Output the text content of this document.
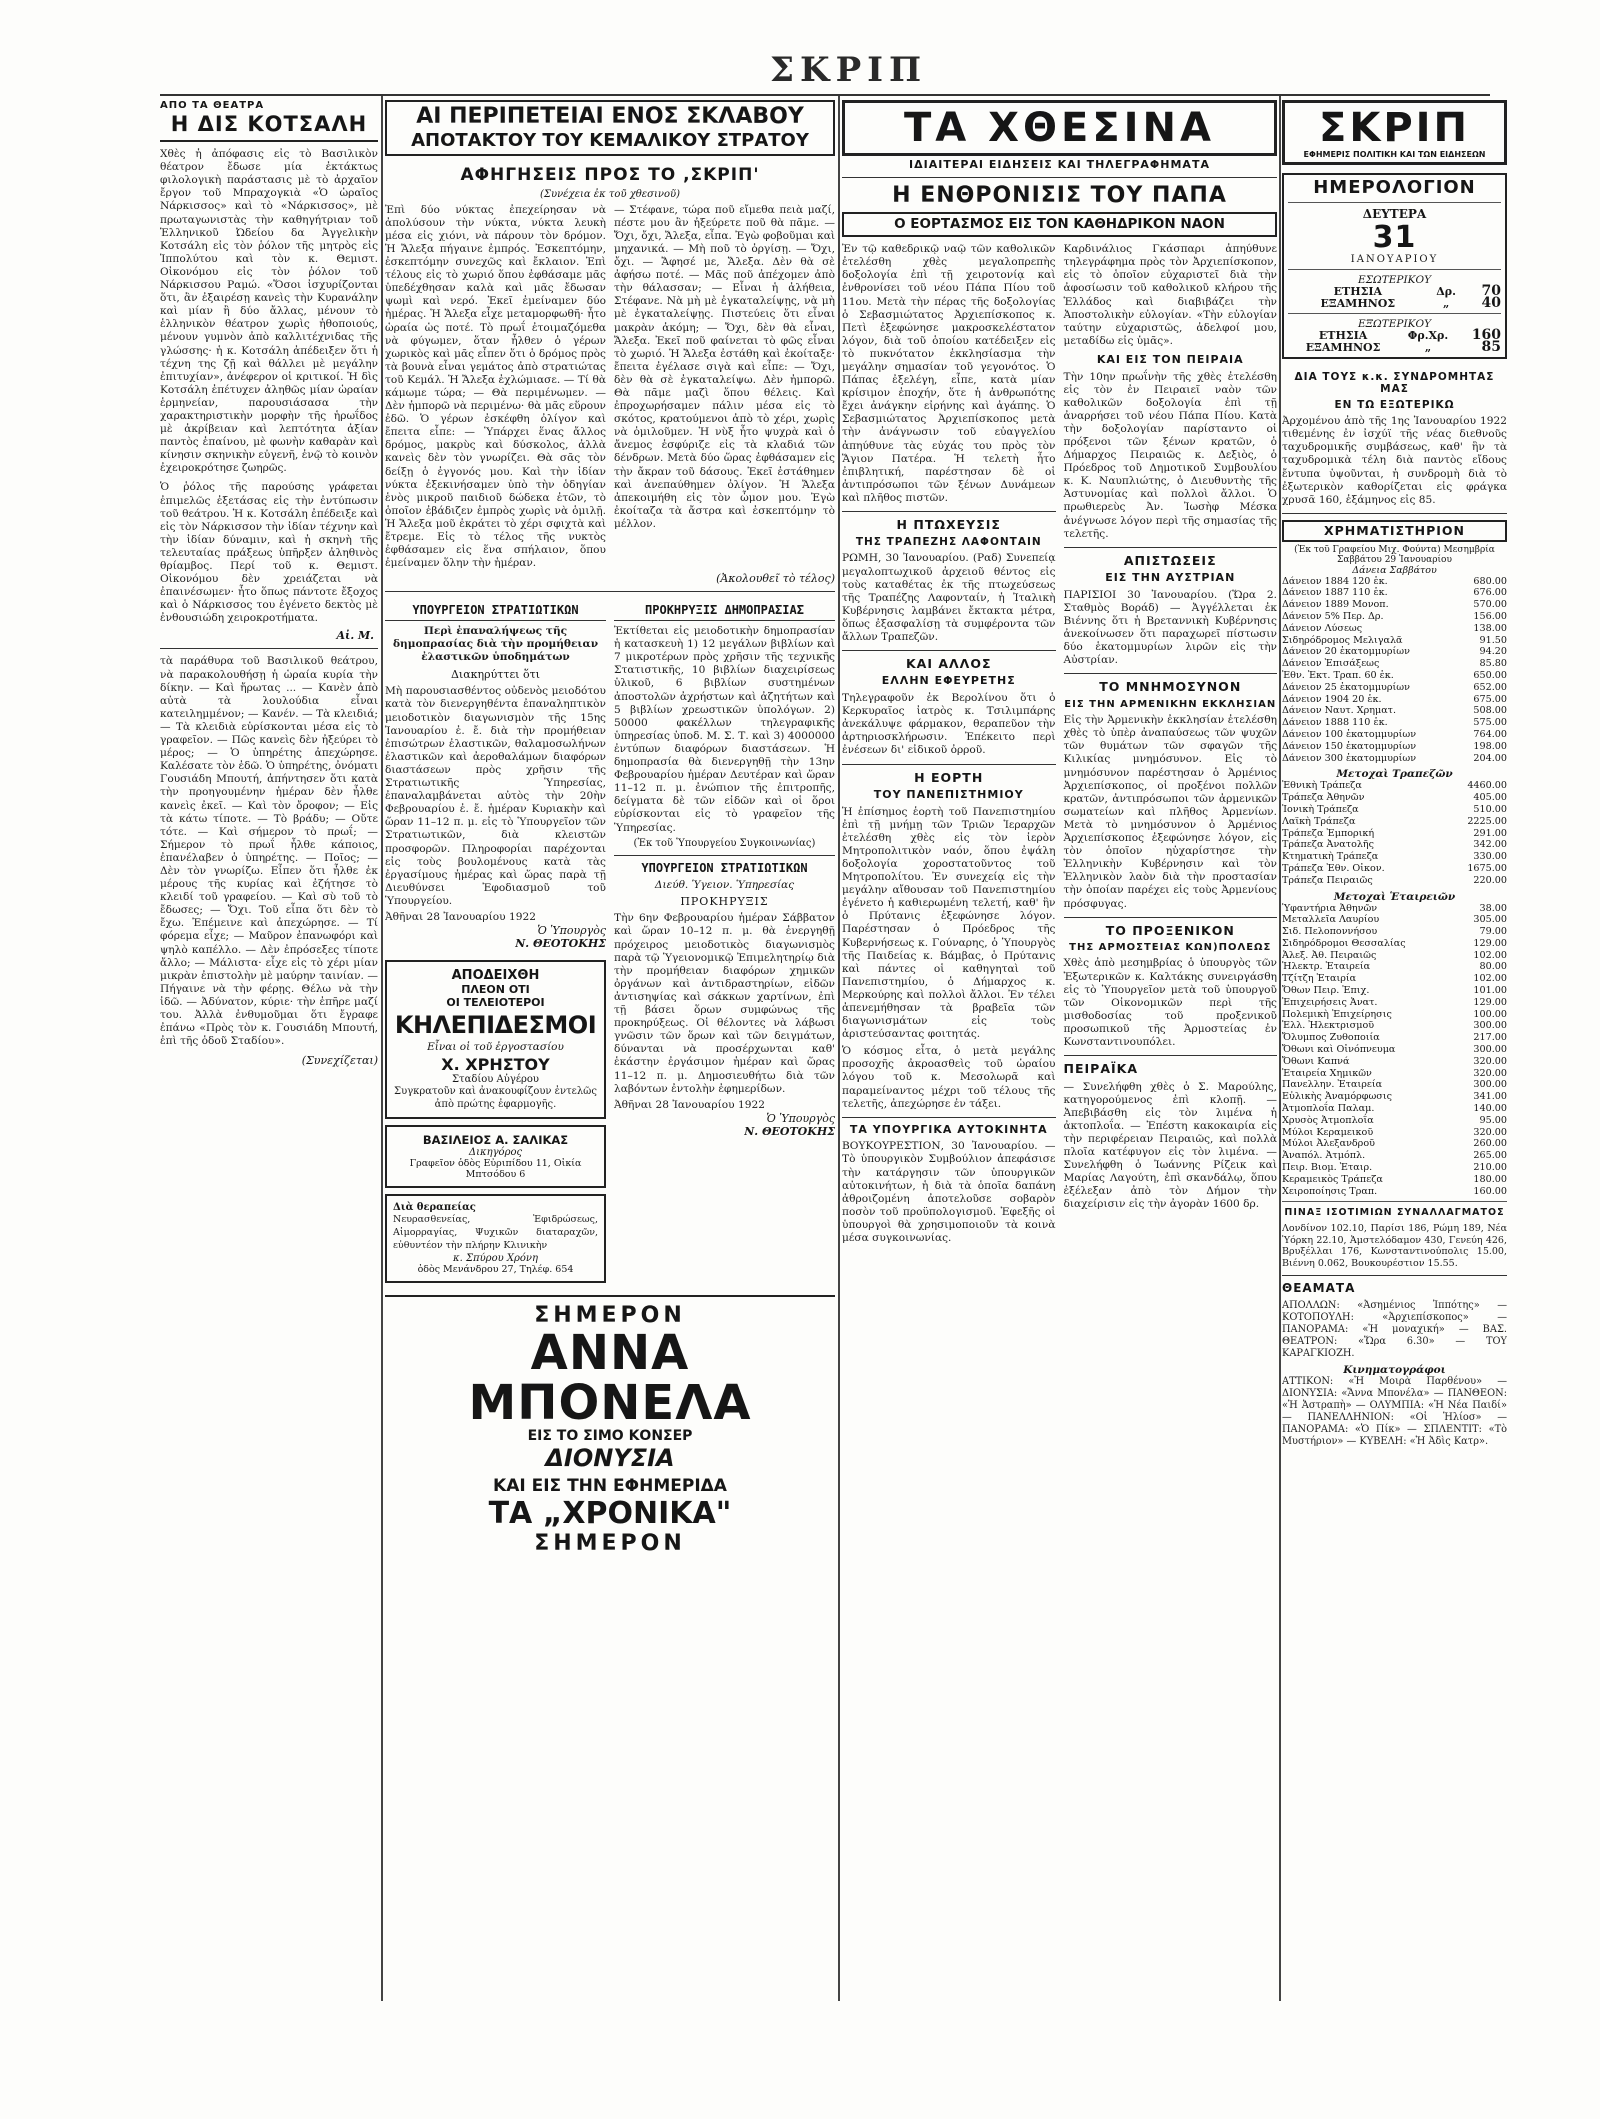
ΣΚΡΙΠ
ΑΠΟ ΤΑ ΘΕΑΤΡΑ
Η ΔΙΣ ΚΟΤΣΑΛΗ
Χθὲς ἡ ἀπόφασις εἰς τὸ Βασιλικὸν θέατρον ἔδωσε μία ἐκτάκτως φιλολογικὴ παράστασις μὲ τὸ ἀρχαῖον ἔργον τοῦ Μπραχογκιὰ «Ὁ ὡραῖος Νάρκισσος» καὶ τὸ «Νάρκισσος», μὲ πρωταγωνιστὰς τὴν καθηγήτριαν τοῦ Ἑλληνικοῦ Ὠδείου δα Ἀγγελικὴν Κοτσάλη εἰς τὸν ῥόλον τῆς μητρὸς εἰς Ἱππολύτου καὶ τὸν κ. Θεμιστ. Οἰκονόμου εἰς τὸν ῥόλον τοῦ Νάρκισσου Ραμώ. «Ὅσοι ἰσχυρίζονται ὅτι, ἂν ἐξαιρέσῃ κανεὶς τὴν Κυρανάλην καὶ μίαν ἢ δύο ἄλλας, μένουν τὸ ἑλληνικὸν θέατρον χωρὶς ἠθοποιούς, μένουν γυμνὸν ἀπὸ καλλιτέχνιδας τῆς γλώσσης· ἡ κ. Κοτσάλη ἀπέδειξεν ὅτι ἡ τέχνη της ζῇ καὶ θάλλει μὲ μεγάλην ἐπιτυχίαν», ἀνέφερον οἱ κριτικοί. Ἡ δὶς Κοτσάλη ἐπέτυχεν ἀληθῶς μίαν ὡραίαν ἑρμηνείαν, παρουσιάσασα τὴν χαρακτηριστικὴν μορφὴν τῆς ἡρωΐδος μὲ ἀκρίβειαν καὶ λεπτότητα ἀξίαν παντὸς ἐπαίνου, μὲ φωνὴν καθαρὰν καὶ κίνησιν σκηνικὴν εὐγενῆ, ἐνῷ τὸ κοινὸν ἐχειροκρότησε ζωηρῶς.
Ὁ ῥόλος τῆς παρούσης γράφεται ἐπιμελῶς ἐξετάσας εἰς τὴν ἐντύπωσιν τοῦ θεάτρου. Ἡ κ. Κοτσάλη ἐπέδειξε καὶ εἰς τὸν Νάρκισσον τὴν ἰδίαν τέχνην καὶ τὴν ἰδίαν δύναμιν, καὶ ἡ σκηνὴ τῆς τελευταίας πράξεως ὑπῆρξεν ἀληθινὸς θρίαμβος. Περί τοῦ κ. Θεμιστ. Οἰκονόμου δὲν χρειάζεται νὰ ἐπαινέσωμεν· ἦτο ὅπως πάντοτε ἔξοχος καὶ ὁ Νάρκισσος του ἐγένετο δεκτὸς μὲ ἐνθουσιώδη χειροκροτήματα.
Αἰ. Μ.
τὰ παράθυρα τοῦ Βασιλικοῦ θεάτρου, νὰ παρακολουθήσῃ ἡ ὡραία κυρία τὴν δίκην. — Καὶ ἤρωτας ... — Κανὲν ἀπὸ αὐτὰ τὰ λουλούδια εἶναι κατειλημμένον; — Κανέν. — Τὰ κλειδιά; — Τὰ κλειδιὰ εὑρίσκονται μέσα εἰς τὸ γραφεῖον. — Πῶς κανεὶς δὲν ἠξεύρει τὸ μέρος; — Ὁ ὑπηρέτης ἀπεχώρησε. Καλέσατε τὸν ἐδῶ. Ὁ ὑπηρέτης, ὀνόματι Γουσιάδη Μπουτή, ἀπήντησεν ὅτι κατὰ τὴν προηγουμένην ἡμέραν δὲν ἦλθε κανεὶς ἐκεῖ. — Καὶ τὸν ὄροφον; — Εἰς τὰ κάτω τίποτε. — Τὸ βράδυ; — Οὔτε τότε. — Καὶ σήμερον τὸ πρωΐ; — Σήμερον τὸ πρωΐ ἦλθε κάποιος, ἐπανέλαβεν ὁ ὑπηρέτης. — Ποῖος; — Δὲν τὸν γνωρίζω. Εἶπεν ὅτι ἦλθε ἐκ μέρους τῆς κυρίας καὶ ἐζήτησε τὸ κλειδί τοῦ γραφείου. — Καὶ σὺ τοῦ τὸ ἔδωσες; — Ὄχι. Τοῦ εἶπα ὅτι δὲν τὸ ἔχω. Ἐπέμεινε καὶ ἀπεχώρησε. — Τί φόρεμα εἶχε; — Μαῦρον ἐπανωφόρι καὶ ψηλὸ καπέλλο. — Δὲν ἐπρόσεξες τίποτε ἄλλο; — Μάλιστα· εἶχε εἰς τὸ χέρι μίαν μικρὰν ἐπιστολὴν μὲ μαύρην ταινίαν. — Πήγαινε νὰ τὴν φέρῃς. Θέλω νὰ τὴν ἰδῶ. — Ἀδύνατον, κύριε· τὴν ἐπῆρε μαζί του. Ἀλλὰ ἐνθυμοῦμαι ὅτι ἔγραφε ἐπάνω «Πρὸς τὸν κ. Γουσιάδη Μπουτή, ἐπὶ τῆς ὁδοῦ Σταδίου».
(Συνεχίζεται)
ΑΙ ΠΕΡΙΠΕΤΕΙΑΙ ΕΝΟΣ ΣΚΛΑΒΟΥ
ΑΠΟΤΑΚΤΟΥ ΤΟΥ ΚΕΜΑΛΙΚΟΥ ΣΤΡΑΤΟΥ
ΑΦΗΓΗΣΕΙΣ ΠΡΟΣ ΤΟ ,ΣΚΡΙΠ'
(Συνέχεια ἐκ τοῦ χθεσινοῦ)
Ἐπὶ δύο νύκτας ἐπεχείρησαν νὰ ἀπολύσουν τὴν νύκτα, νύκτα λευκὴ μέσα εἰς χιόνι, νὰ πάρουν τὸν δρόμον. Ἡ Ἄλεξα πήγαινε ἐμπρός. Ἐσκεπτόμην, ἐσκεπτόμην συνεχῶς καὶ ἔκλαιον. Ἐπὶ τέλους εἰς τὸ χωριό ὅπου ἐφθάσαμε μᾶς ὑπεδέχθησαν καλὰ καὶ μᾶς ἔδωσαν ψωμὶ καὶ νερό. Ἐκεῖ ἐμείναμεν δύο ἡμέρας. Ἡ Ἄλεξα εἶχε μεταμορφωθῆ· ἦτο ὡραία ὡς ποτέ. Τὸ πρωΐ ἐτοιμαζόμεθα νὰ φύγωμεν, ὅταν ἦλθεν ὁ γέρων χωρικὸς καὶ μᾶς εἶπεν ὅτι ὁ δρόμος πρὸς τὰ βουνὰ εἶναι γεμάτος ἀπὸ στρατιώτας τοῦ Κεμάλ. Ἡ Ἄλεξα ἐχλώμιασε. — Τί θὰ κάμωμε τώρα; — Θὰ περιμένωμεν. — Δὲν ἠμπορῶ νὰ περιμένω· θὰ μᾶς εὕρουν ἐδῶ. Ὁ γέρων ἐσκέφθη ὀλίγον καὶ ἔπειτα εἶπε: — Ὑπάρχει ἕνας ἄλλος δρόμος, μακρὺς καὶ δύσκολος, ἀλλὰ κανεὶς δὲν τὸν γνωρίζει. Θὰ σᾶς τὸν δείξῃ ὁ ἐγγονός μου. Καὶ τὴν ἰδίαν νύκτα ἐξεκινήσαμεν ὑπὸ τὴν ὁδηγίαν ἑνὸς μικροῦ παιδιοῦ δώδεκα ἐτῶν, τὸ ὁποῖον ἐβάδιζεν ἐμπρὸς χωρὶς νὰ ὁμιλῇ. Ἡ Ἄλεξα μοῦ ἐκράτει τὸ χέρι σφιχτὰ καὶ ἔτρεμε. Εἰς τὸ τέλος τῆς νυκτὸς ἐφθάσαμεν εἰς ἕνα σπήλαιον, ὅπου ἐμείναμεν ὅλην τὴν ἡμέραν.
— Στέφανε, τώρα ποῦ εἴμεθα πειὰ μαζί, πέστε μου ἂν ἠξεύρετε ποῦ θὰ πᾶμε. — Ὄχι, ὄχι, Ἄλεξα, εἶπα. Ἐγὼ φοβοῦμαι καὶ μηχανικά. — Μὴ ποῦ τὸ ὀργίσῃ. — Ὄχι, ὄχι. — Ἄφησέ με, Ἄλεξα. Δὲν θὰ σὲ ἀφήσω ποτέ. — Μᾶς ποῦ ἀπέχομεν ἀπὸ τὴν θάλασσαν; — Εἶναι ἡ ἀλήθεια, Στέφανε. Νὰ μὴ μὲ ἐγκαταλείψῃς, νὰ μὴ μὲ ἐγκαταλείψῃς. Πιστεύεις ὅτι εἶναι μακρὰν ἀκόμη; — Ὄχι, δὲν θὰ εἶναι, Ἄλεξα. Ἐκεῖ ποῦ φαίνεται τὸ φῶς εἶναι τὸ χωριό. Ἡ Ἄλεξα ἐστάθη καὶ ἐκοίταξε· ἔπειτα ἐγέλασε σιγὰ καὶ εἶπε: — Ὄχι, δὲν θὰ σὲ ἐγκαταλείψω. Δὲν ἠμπορῶ. Θὰ πᾶμε μαζὶ ὅπου θέλεις. Καὶ ἐπροχωρήσαμεν πάλιν μέσα εἰς τὸ σκότος, κρατούμενοι ἀπὸ τὸ χέρι, χωρὶς νὰ ὁμιλοῦμεν. Ἡ νὺξ ἦτο ψυχρὰ καὶ ὁ ἄνεμος ἐσφύριζε εἰς τὰ κλαδιά τῶν δένδρων. Μετὰ δύο ὥρας ἐφθάσαμεν εἰς τὴν ἄκραν τοῦ δάσους. Ἐκεῖ ἐστάθημεν καὶ ἀνεπαύθημεν ὀλίγον. Ἡ Ἄλεξα ἀπεκοιμήθη εἰς τὸν ὦμον μου. Ἐγὼ ἐκοίταζα τὰ ἄστρα καὶ ἐσκεπτόμην τὸ μέλλον.
(Ἀκολουθεῖ τὸ τέλος)
ΥΠΟΥΡΓΕΙΟΝ ΣΤΡΑΤΙΩΤΙΚΩΝ
Περὶ ἐπαναλήψεως τῆς δημοπρασίας διὰ τὴν προμήθειαν ἐλαστικῶν ὑποδημάτων
Διακηρύττει ὅτι
Μὴ παρουσιασθέντος οὐδενὸς μειοδότου κατὰ τὸν διενεργηθέντα ἐπαναληπτικὸν μειοδοτικὸν διαγωνισμὸν τῆς 15ης Ἰανουαρίου ἐ. ἔ. διὰ τὴν προμήθειαν ἐπισώτρων ἐλαστικῶν, θαλαμοσωλήνων ἐλαστικῶν καὶ ἀεροθαλάμων διαφόρων διαστάσεων πρὸς χρῆσιν τῆς Στρατιωτικῆς Ὑπηρεσίας, ἐπαναλαμβάνεται αὐτὸς τὴν 20ὴν Φεβρουαρίου ἐ. ἔ. ἡμέραν Κυριακὴν καὶ ὥραν 11–12 π. μ. εἰς τὸ Ὑπουργεῖον τῶν Στρατιωτικῶν, διὰ κλειστῶν προσφορῶν. Πληροφορίαι παρέχονται εἰς τοὺς βουλομένους κατὰ τὰς ἐργασίμους ἡμέρας καὶ ὥρας παρὰ τῇ Διευθύνσει Ἐφοδιασμοῦ τοῦ Ὑπουργείου.
Ἀθῆναι 28 Ἰανουαρίου 1922
Ὁ Ὑπουργὸς
Ν. ΘΕΟΤΟΚΗΣ
ΑΠΟΔΕΙΧΘΗ
ΠΛΕΟΝ ΟΤΙ
ΟΙ ΤΕΛΕΙΟΤΕΡΟΙ
ΚΗΛΕΠΙΔΕΣΜΟΙ
Εἶναι οἱ τοῦ ἐργοστασίου
Χ. ΧΡΗΣΤΟΥ
Σταδίου Αὐγέρου
Συγκρατοῦν καὶ ἀνακουφίζουν ἐντελῶς ἀπὸ πρώτης ἐφαρμογῆς.
ΒΑΣΙΛΕΙΟΣ Α. ΣΑΛΙΚΑΣ
Δικηγόρος
Γραφεῖον ὁδὸς Εὐριπίδου 11, Οἰκία Μπτσόδου 6
Διὰ θεραπείας
Νευρασθενείας, Ἐφιδρώσεως, Αἱμορραγίας, Ψυχικῶν διαταραχῶν, εὐθυντέον τὴν πλήρην Κλινικὴν
κ. Σπύρου Χρόνη
ὁδὸς Μενάνδρου 27, Τηλέφ. 654
ΠΡΟΚΗΡΥΞΙΣ ΔΗΜΟΠΡΑΣΙΑΣ
Ἐκτίθεται εἰς μειοδοτικὴν δημοπρασίαν ἡ κατασκευὴ 1) 12 μεγάλων βιβλίων καὶ 7 μικροτέρων πρὸς χρῆσιν τῆς τεχνικῆς Στατιστικῆς, 10 βιβλίων διαχειρίσεως ὑλικοῦ, 6 βιβλίων συστημένων ἀποστολῶν ἀχρήστων καὶ ἀζητήτων καὶ 5 βιβλίων χρεωστικῶν ὑπολόγων. 2) 50000 φακέλλων τηλεγραφικῆς ὑπηρεσίας ὑποδ. Μ. Σ. Τ. καὶ 3) 4000000 ἐντύπων διαφόρων διαστάσεων. Ἡ δημοπρασία θὰ διενεργηθῇ τὴν 13ην Φεβρουαρίου ἡμέραν Δευτέραν καὶ ὥραν 11–12 π. μ. ἐνώπιον τῆς ἐπιτροπῆς, δείγματα δὲ τῶν εἰδῶν καὶ οἱ ὅροι εὑρίσκονται εἰς τὸ γραφεῖον τῆς Ὑπηρεσίας.
(Ἐκ τοῦ Ὑπουργείου Συγκοινωνίας)
ΥΠΟΥΡΓΕΙΟΝ ΣΤΡΑΤΙΩΤΙΚΩΝ
Διεύθ. Ὑγειον. Ὑπηρεσίας
ΠΡΟΚΗΡΥΞΙΣ
Τὴν 6ην Φεβρουαρίου ἡμέραν Σάββατον καὶ ὥραν 10–12 π. μ. θὰ ἐνεργηθῇ πρόχειρος μειοδοτικὸς διαγωνισμὸς παρὰ τῷ Ὑγειονομικῷ Ἐπιμελητηρίῳ διὰ τὴν προμήθειαν διαφόρων χημικῶν ὀργάνων καὶ ἀντιδραστηρίων, εἰδῶν ἀντισηψίας καὶ σάκκων χαρτίνων, ἐπὶ τῇ βάσει ὅρων συμφώνως τῆς προκηρύξεως. Οἱ θέλοντες νὰ λάβωσι γνῶσιν τῶν ὅρων καὶ τῶν δειγμάτων, δύνανται νὰ προσέρχωνται καθ' ἑκάστην ἐργάσιμον ἡμέραν καὶ ὥρας 11–12 π. μ. Δημοσιευθήτω διὰ τῶν λαβόντων ἐντολὴν ἐφημερίδων.
Ἀθῆναι 28 Ἰανουαρίου 1922
Ὁ Ὑπουργὸς
Ν. ΘΕΟΤΟΚΗΣ
ΣΗΜΕΡΟΝ
ΑΝΝΑ ΜΠΟΝΕΛΑ
ΕΙΣ ΤΟ ΣΙΜΟ ΚΟΝΣΕΡ
ΔΙΟΝΥΣΙΑ
ΚΑΙ ΕΙΣ ΤΗΝ ΕΦΗΜΕΡΙΔΑ
ΤΑ „ΧΡΟΝΙΚΑ"
ΣΗΜΕΡΟΝ
ΤΑ ΧΘΕΣΙΝΑ
ΙΔΙΑΙΤΕΡΑΙ ΕΙΔΗΣΕΙΣ ΚΑΙ ΤΗΛΕΓΡΑΦΗΜΑΤΑ
Η ΕΝΘΡΟΝΙΣΙΣ ΤΟΥ ΠΑΠΑ
Ο ΕΟΡΤΑΣΜΟΣ ΕΙΣ ΤΟΝ ΚΑΘΗΔΡΙΚΟΝ ΝΑΟΝ
Ἐν τῷ καθεδρικῷ ναῷ τῶν καθολικῶν ἐτελέσθη χθὲς μεγαλοπρεπὴς δοξολογία ἐπὶ τῇ χειροτονίᾳ καὶ ἐνθρονίσει τοῦ νέου Πάπα Πίου τοῦ 11ου. Μετὰ τὴν πέρας τῆς δοξολογίας ὁ Σεβασμιώτατος Ἀρχιεπίσκοπος κ. Πετὶ ἐξεφώνησε μακροσκελέστατον λόγον, διὰ τοῦ ὁποίου κατέδειξεν εἰς τὸ πυκνότατον ἐκκλησίασμα τὴν μεγάλην σημασίαν τοῦ γεγονότος. Ὁ Πάπας ἐξελέγη, εἶπε, κατὰ μίαν κρίσιμον ἐποχήν, ὅτε ἡ ἀνθρωπότης ἔχει ἀνάγκην εἰρήνης καὶ ἀγάπης. Ὁ Σεβασμιώτατος Ἀρχιεπίσκοπος μετὰ τὴν ἀνάγνωσιν τοῦ εὐαγγελίου ἀπηύθυνε τὰς εὐχάς του πρὸς τὸν Ἅγιον Πατέρα. Ἡ τελετὴ ἦτο ἐπιβλητική, παρέστησαν δὲ οἱ ἀντιπρόσωποι τῶν ξένων Δυνάμεων καὶ πλῆθος πιστῶν.
Η ΠΤΩΧΕΥΣΙΣ
ΤΗΣ ΤΡΑΠΕΖΗΣ ΛΑΦΟΝΤΑΙΝ
ΡΩΜΗ, 30 Ἰανουαρίου. (Ραδ) Συνεπείᾳ μεγαλοπτωχικοῦ ἀρχειοῦ θέντος εἰς τοὺς καταθέτας ἐκ τῆς πτωχεύσεως τῆς Τραπέζης Λαφονταίν, ἡ Ἰταλικὴ Κυβέρνησις λαμβάνει ἔκτακτα μέτρα, ὅπως ἐξασφαλίσῃ τὰ συμφέροντα τῶν ἄλλων Τραπεζῶν.
ΚΑΙ ΑΛΛΟΣ
ΕΛΛΗΝ ΕΦΕΥΡΕΤΗΣ
Τηλεγραφοῦν ἐκ Βερολίνου ὅτι ὁ Κερκυραῖος ἰατρὸς κ. Τσιλιμπάρης ἀνεκάλυψε φάρμακον, θεραπεῦον τὴν ἀρτηριοσκλήρωσιν. Ἐπέκειτο περὶ ἐνέσεων δι' εἰδικοῦ ὀρροῦ.
Η ΕΟΡΤΗ
ΤΟΥ ΠΑΝΕΠΙΣΤΗΜΙΟΥ
Ἡ ἐπίσημος ἑορτὴ τοῦ Πανεπιστημίου ἐπὶ τῇ μνήμῃ τῶν Τριῶν Ἱεραρχῶν ἐτελέσθη χθὲς εἰς τὸν ἱερὸν Μητροπολιτικὸν ναόν, ὅπου ἐψάλη δοξολογία χοροστατοῦντος τοῦ Μητροπολίτου. Ἐν συνεχείᾳ εἰς τὴν μεγάλην αἴθουσαν τοῦ Πανεπιστημίου ἐγένετο ἡ καθιερωμένη τελετή, καθ' ἣν ὁ Πρύτανις ἐξεφώνησε λόγον. Παρέστησαν ὁ Πρόεδρος τῆς Κυβερνήσεως κ. Γούναρης, ὁ Ὑπουργὸς τῆς Παιδείας κ. Βάμβας, ὁ Πρύτανις καὶ πάντες οἱ καθηγηταὶ τοῦ Πανεπιστημίου, ὁ Δήμαρχος κ. Μερκούρης καὶ πολλοὶ ἄλλοι. Ἐν τέλει ἀπενεμήθησαν τὰ βραβεῖα τῶν διαγωνισμάτων εἰς τοὺς ἀριστεύσαντας φοιτητάς.
Ὁ κόσμος εἶτα, ὁ μετὰ μεγάλης προσοχῆς ἀκροασθεὶς τοῦ ὡραίου λόγου τοῦ κ. Μεσολωρᾶ καὶ παραμείναντος μέχρι τοῦ τέλους τῆς τελετῆς, ἀπεχώρησε ἐν τάξει.
ΤΑ ΥΠΟΥΡΓΙΚΑ ΑΥΤΟΚΙΝΗΤΑ
ΒΟΥΚΟΥΡΕΣΤΙΟΝ, 30 Ἰανουαρίου. — Τὸ ὑπουργικὸν Συμβούλιον ἀπεφάσισε τὴν κατάργησιν τῶν ὑπουργικῶν αὐτοκινήτων, ἡ διὰ τὰ ὁποῖα δαπάνη ἀθροιζομένη ἀποτελοῦσε σοβαρὸν ποσὸν τοῦ προϋπολογισμοῦ. Ἐφεξῆς οἱ ὑπουργοὶ θὰ χρησιμοποιοῦν τὰ κοινὰ μέσα συγκοινωνίας.
Καρδινάλιος Γκάσπαρι ἀπηύθυνε τηλεγράφημα πρὸς τὸν Ἀρχιεπίσκοπον, εἰς τὸ ὁποῖον εὐχαριστεῖ διὰ τὴν ἀφοσίωσιν τοῦ καθολικοῦ κλήρου τῆς Ἑλλάδος καὶ διαβιβάζει τὴν Ἀποστολικὴν εὐλογίαν. «Τὴν εὐλογίαν ταύτην εὑχαριστῶς, ἀδελφοί μου, μεταδίδω εἰς ὑμᾶς».
ΚΑΙ ΕΙΣ ΤΟΝ ΠΕΙΡΑΙΑ
Τὴν 10ην πρωΐνὴν τῆς χθὲς ἐτελέσθη εἰς τὸν ἐν Πειραιεῖ ναὸν τῶν καθολικῶν δοξολογία ἐπὶ τῇ ἀναρρήσει τοῦ νέου Πάπα Πίου. Κατὰ τὴν δοξολογίαν παρίσταντο οἱ πρόξενοι τῶν ξένων κρατῶν, ὁ Δήμαρχος Πειραιῶς κ. Δεξιὸς, ὁ Πρόεδρος τοῦ Δημοτικοῦ Συμβουλίου κ. Κ. Ναυπλιώτης, ὁ Διευθυντὴς τῆς Ἀστυνομίας καὶ πολλοὶ ἄλλοι. Ὁ πρωθιερεὺς Ἀν. Ἰωσὴφ Μέσκα ἀνέγνωσε λόγον περὶ τῆς σημασίας τῆς τελετῆς.
ΑΠΙΣΤΩΣΕΙΣ
ΕΙΣ ΤΗΝ ΑΥΣΤΡΙΑΝ
ΠΑΡΙΣΙΟΙ 30 Ἰανουαρίου. (Ὥρα 2. Σταθμὸς Βοράδ) — Ἀγγέλλεται ἐκ Βιέννης ὅτι ἡ Βρεταννικὴ Κυβέρνησις ἀνεκοίνωσεν ὅτι παραχωρεῖ πίστωσιν δύο ἑκατομμυρίων λιρῶν εἰς τὴν Αὐστρίαν.
ΤΟ ΜΝΗΜΟΣΥΝΟΝ
ΕΙΣ ΤΗΝ ΑΡΜΕΝΙΚΗΝ ΕΚΚΛΗΣΙΑΝ
Εἰς τὴν Ἀρμενικὴν ἐκκλησίαν ἐτελέσθη χθὲς τὸ ὑπὲρ ἀναπαύσεως τῶν ψυχῶν τῶν θυμάτων τῶν σφαγῶν τῆς Κιλικίας μνημόσυνον. Εἰς τὸ μνημόσυνον παρέστησαν ὁ Ἀρμένιος Ἀρχιεπίσκοπος, οἱ προξένοι πολλῶν κρατῶν, ἀντιπρόσωποι τῶν ἀρμενικῶν σωματείων καὶ πλῆθος Ἀρμενίων. Μετὰ τὸ μνημόσυνον ὁ Ἀρμένιος Ἀρχιεπίσκοπος ἐξεφώνησε λόγον, εἰς τὸν ὁποῖον ηὐχαρίστησε τὴν Ἑλληνικὴν Κυβέρνησιν καὶ τὸν Ἑλληνικὸν λαὸν διὰ τὴν προστασίαν τὴν ὁποίαν παρέχει εἰς τοὺς Ἀρμενίους πρόσφυγας.
ΤΟ ΠΡΟΞΕΝΙΚΟΝ
ΤΗΣ ΑΡΜΟΣΤΕΙΑΣ ΚΩΝ)ΠΟΛΕΩΣ
Χθὲς ἀπὸ μεσημβρίας ὁ ὑπουργὸς τῶν Ἐξωτερικῶν κ. Καλτάκης συνειργάσθη εἰς τὸ Ὑπουργεῖον μετὰ τοῦ ὑπουργοῦ τῶν Οἰκονομικῶν περὶ τῆς μισθοδοσίας τοῦ προξενικοῦ προσωπικοῦ τῆς Ἀρμοστείας ἐν Κωνσταντινουπόλει.
ΠΕΙΡΑΪΚΑ
— Συνελήφθη χθὲς ὁ Σ. Μαρούλης, κατηγορούμενος ἐπὶ κλοπῇ. — Ἀπεβιβάσθη εἰς τὸν λιμένα ἡ ἀκτοπλοΐα. — Ἐπέστη κακοκαιρία εἰς τὴν περιφέρειαν Πειραιῶς, καὶ πολλὰ πλοῖα κατέφυγον εἰς τὸν λιμένα. — Συνελήφθη ὁ Ἰωάννης Ρίζεικ καὶ Μαρίας Λαγούτη, ἐπὶ σκανδάλῳ, ὅπου ἐξέλεξαν ἀπὸ τὸν Δήμον τὴν διαχείρισιν εἰς τὴν ἀγορὰν 1600 δρ.
ΣΚΡΙΠ
ΕΦΗΜΕΡΙΣ ΠΟΛΙΤΙΚΗ ΚΑΙ ΤΩΝ ΕΙΔΗΣΕΩΝ
ΗΜΕΡΟΛΟΓΙΟΝ
ΔΕΥΤΕΡΑ
31
ΙΑΝΟΥΑΡΙΟΥ
ΕΣΩΤΕΡΙΚΟΥ
ΕΤΗΣΙΑ	Δρ.	70
ΕΞΑΜΗΝΟΣ	„	40
ΕΞΩΤΕΡΙΚΟΥ
ΕΤΗΣΙΑ	Φρ.Χρ.	160
ΕΞΑΜΗΝΟΣ	„	85
ΔΙΑ ΤΟΥΣ κ.κ. ΣΥΝΔΡΟΜΗΤΑΣ ΜΑΣ
ΕΝ ΤΩ ΕΞΩΤΕΡΙΚΩ
Ἀρχομένου ἀπὸ τῆς 1ης Ἰανουαρίου 1922 τιθεμένης ἐν ἰσχύϊ τῆς νέας διεθνοῦς ταχυδρομικῆς συμβάσεως, καθ' ἣν τὰ ταχυδρομικὰ τέλη διὰ παντὸς εἴδους ἔντυπα ὑψοῦνται, ἡ συνδρομὴ διὰ τὸ ἐξωτερικὸν καθορίζεται εἰς φράγκα χρυσᾶ 160, ἐξάμηνος εἰς 85.
ΧΡΗΜΑΤΙΣΤΗΡΙΟΝ
(Ἐκ τοῦ Γραφείου Μιχ. Φούντα) Μεσημβρία Σαββάτου 29 Ἰανουαρίου
Δάνεια Σαββάτου
Δάνειον 1884 120 ἑκ.	680.00
Δάνειον 1887 110 ἑκ.	676.00
Δάνειον 1889 Μονοπ.	570.00
Δάνειον 5% Περ. Δρ.	156.00
Δάνειον Λύσεως	138.00
Σιδηρόδρομος Μελιγαλᾶ	91.50
Δάνειον 20 ἑκατομμυρίων	94.20
Δάνειον Ἐπισάξεως	85.80
Ἐθν. Ἐκτ. Τραπ. 60 ἑκ.	650.00
Δάνειον 25 ἑκατομμυρίων	652.00
Δάνειον 1904 20 ἑκ.	675.00
Δάνειον Ναυτ. Χρηματ.	508.00
Δάνειον 1888 110 ἑκ.	575.00
Δάνειον 100 ἑκατομμυρίων	764.00
Δάνειον 150 ἑκατομμυρίων	198.00
Δάνειον 300 ἑκατομμυρίων	204.00
Μετοχαὶ Τραπεζῶν
Ἐθνικὴ Τράπεζα	4460.00
Τράπεζα Ἀθηνῶν	405.00
Ἰονικὴ Τράπεζα	510.00
Λαϊκὴ Τράπεζα	2225.00
Τράπεζα Ἐμπορική	291.00
Τράπεζα Ἀνατολῆς	342.00
Κτηματικὴ Τράπεζα	330.00
Τράπεζα Ἐθν. Οἰκον.	1675.00
Τράπεζα Πειραιῶς	220.00
Μετοχαὶ Ἑταιρειῶν
Ὑφαντήρια Ἀθηνῶν	38.00
Μεταλλεῖα Λαυρίου	305.00
Σιδ. Πελοποννήσου	79.00
Σιδηρόδρομοι Θεσσαλίας	129.00
Ἀλεξ. Ἀθ. Πειραιῶς	102.00
Ἡλεκτρ. Ἑταιρεία	80.00
Τζίτζη Ἑταιρία	102.00
Ὄθων Πειρ. Ἐπιχ.	101.00
Ἐπιχειρήσεις Ἀνατ.	129.00
Πολεμικὴ Ἐπιχείρησις	100.00
Ἑλλ. Ἠλεκτρισμοῦ	300.00
Ὄλυμπος Ζυθοποιία	217.00
Ὄθωνι καὶ Οἰνόπνευμα	300.00
Ὄθωνι Καπνά	320.00
Ἐταιρεία Χημικῶν	320.00
Πανελλην. Ἐταιρεία	300.00
Εὐλικὴς Ἀναμόρφωσις	341.00
Ἀτμοπλοΐα Παλαμ.	140.00
Χρυσὸς Ἀτμοπλοΐα	95.00
Μύλοι Κεραμεικοῦ	320.00
Μύλοι Ἀλεξανδροῦ	260.00
Ἀναπόλ. Ἀτμόπλ.	265.00
Πειρ. Βιομ. Ἐταιρ.	210.00
Κεραμεικὸς Τράπεζα	180.00
Χειροποίησις Τραπ.	160.00
ΠΙΝΑΞ ΙΣΟΤΙΜΙΩΝ ΣΥΝΑΛΛΑΓΜΑΤΟΣ
Λονδίνον 102.10, Παρίσι 186, Ρώμη 189, Νέα Ὑόρκη 22.10, Ἀμστελόδαμον 430, Γενεύη 426, Βρυξέλλαι 176, Κωνσταντινούπολις 15.00, Βιέννη 0.062, Βουκουρέστιον 15.55.
ΘΕΑΜΑΤΑ
ΑΠΟΛΛΩΝ: «Ἀσημένιος Ἰππότης» — ΚΟΤΟΠΟΥΛΗ: «Ἀρχιεπίσκοπος» — ΠΑΝΟΡΑΜΑ: «Ἡ μοναχική» — ΒΑΣ. ΘΕΑΤΡΟΝ: «Ὥρα 6.30» — ΤΟΥ ΚΑΡΑΓΚΙΟΖΗ.
Κινηματογράφοι
ΑΤΤΙΚΟΝ: «Ἡ Μοιρὰ Παρθένου» — ΔΙΟΝΥΣΙΑ: «Ἄννα Μπονέλα» — ΠΑΝΘΕΟΝ: «Ἡ Ἀστραπὴ» — ΟΛΥΜΠΙΑ: «Ἡ Νέα Παιδί» — ΠΑΝΕΛΛΗΝΙΟΝ: «Οἱ Ἡλίοσ» — ΠΑΝΟΡΑΜΑ: «Ὁ Πίκ» — ΣΠΛΕΝΤΙΤ: «Τὸ Μυστήριον» — ΚΥΒΕΛΗ: «Ἡ Ἀδὶς Κατρ».
